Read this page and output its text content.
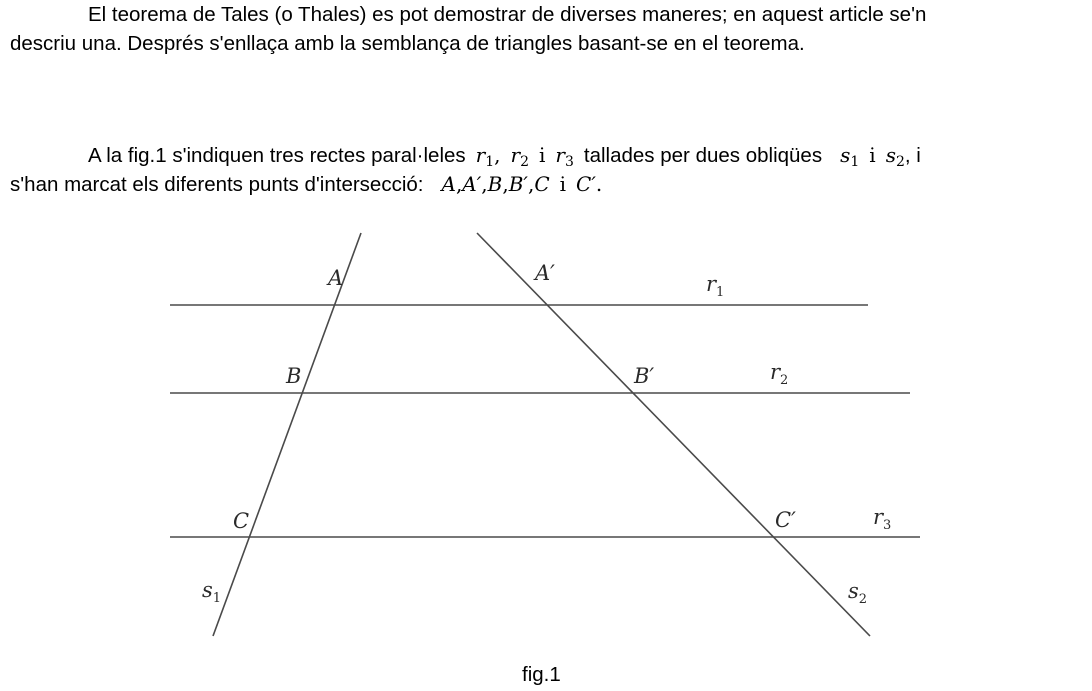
El teorema de Tales (o Thales) es pot demostrar de diverses maneres; en aquest article se'n
descriu una. Després s'enllaça amb la semblança de triangles basant-se en el teorema.

A la fig.1 s'indiquen tres rectes paral·leles $r_1$, $r_2$ i $r_3$ tallades per dues obliqües $s_1$ i $s_2$, i
s'han marcat els diferents punts d'intersecció: A,A′,B,B′,C i C′.

A	A′
B	B′
C	C′
$r_1$
$r_2$
$r_3$
$s_1$	$s_2$
fig.1
